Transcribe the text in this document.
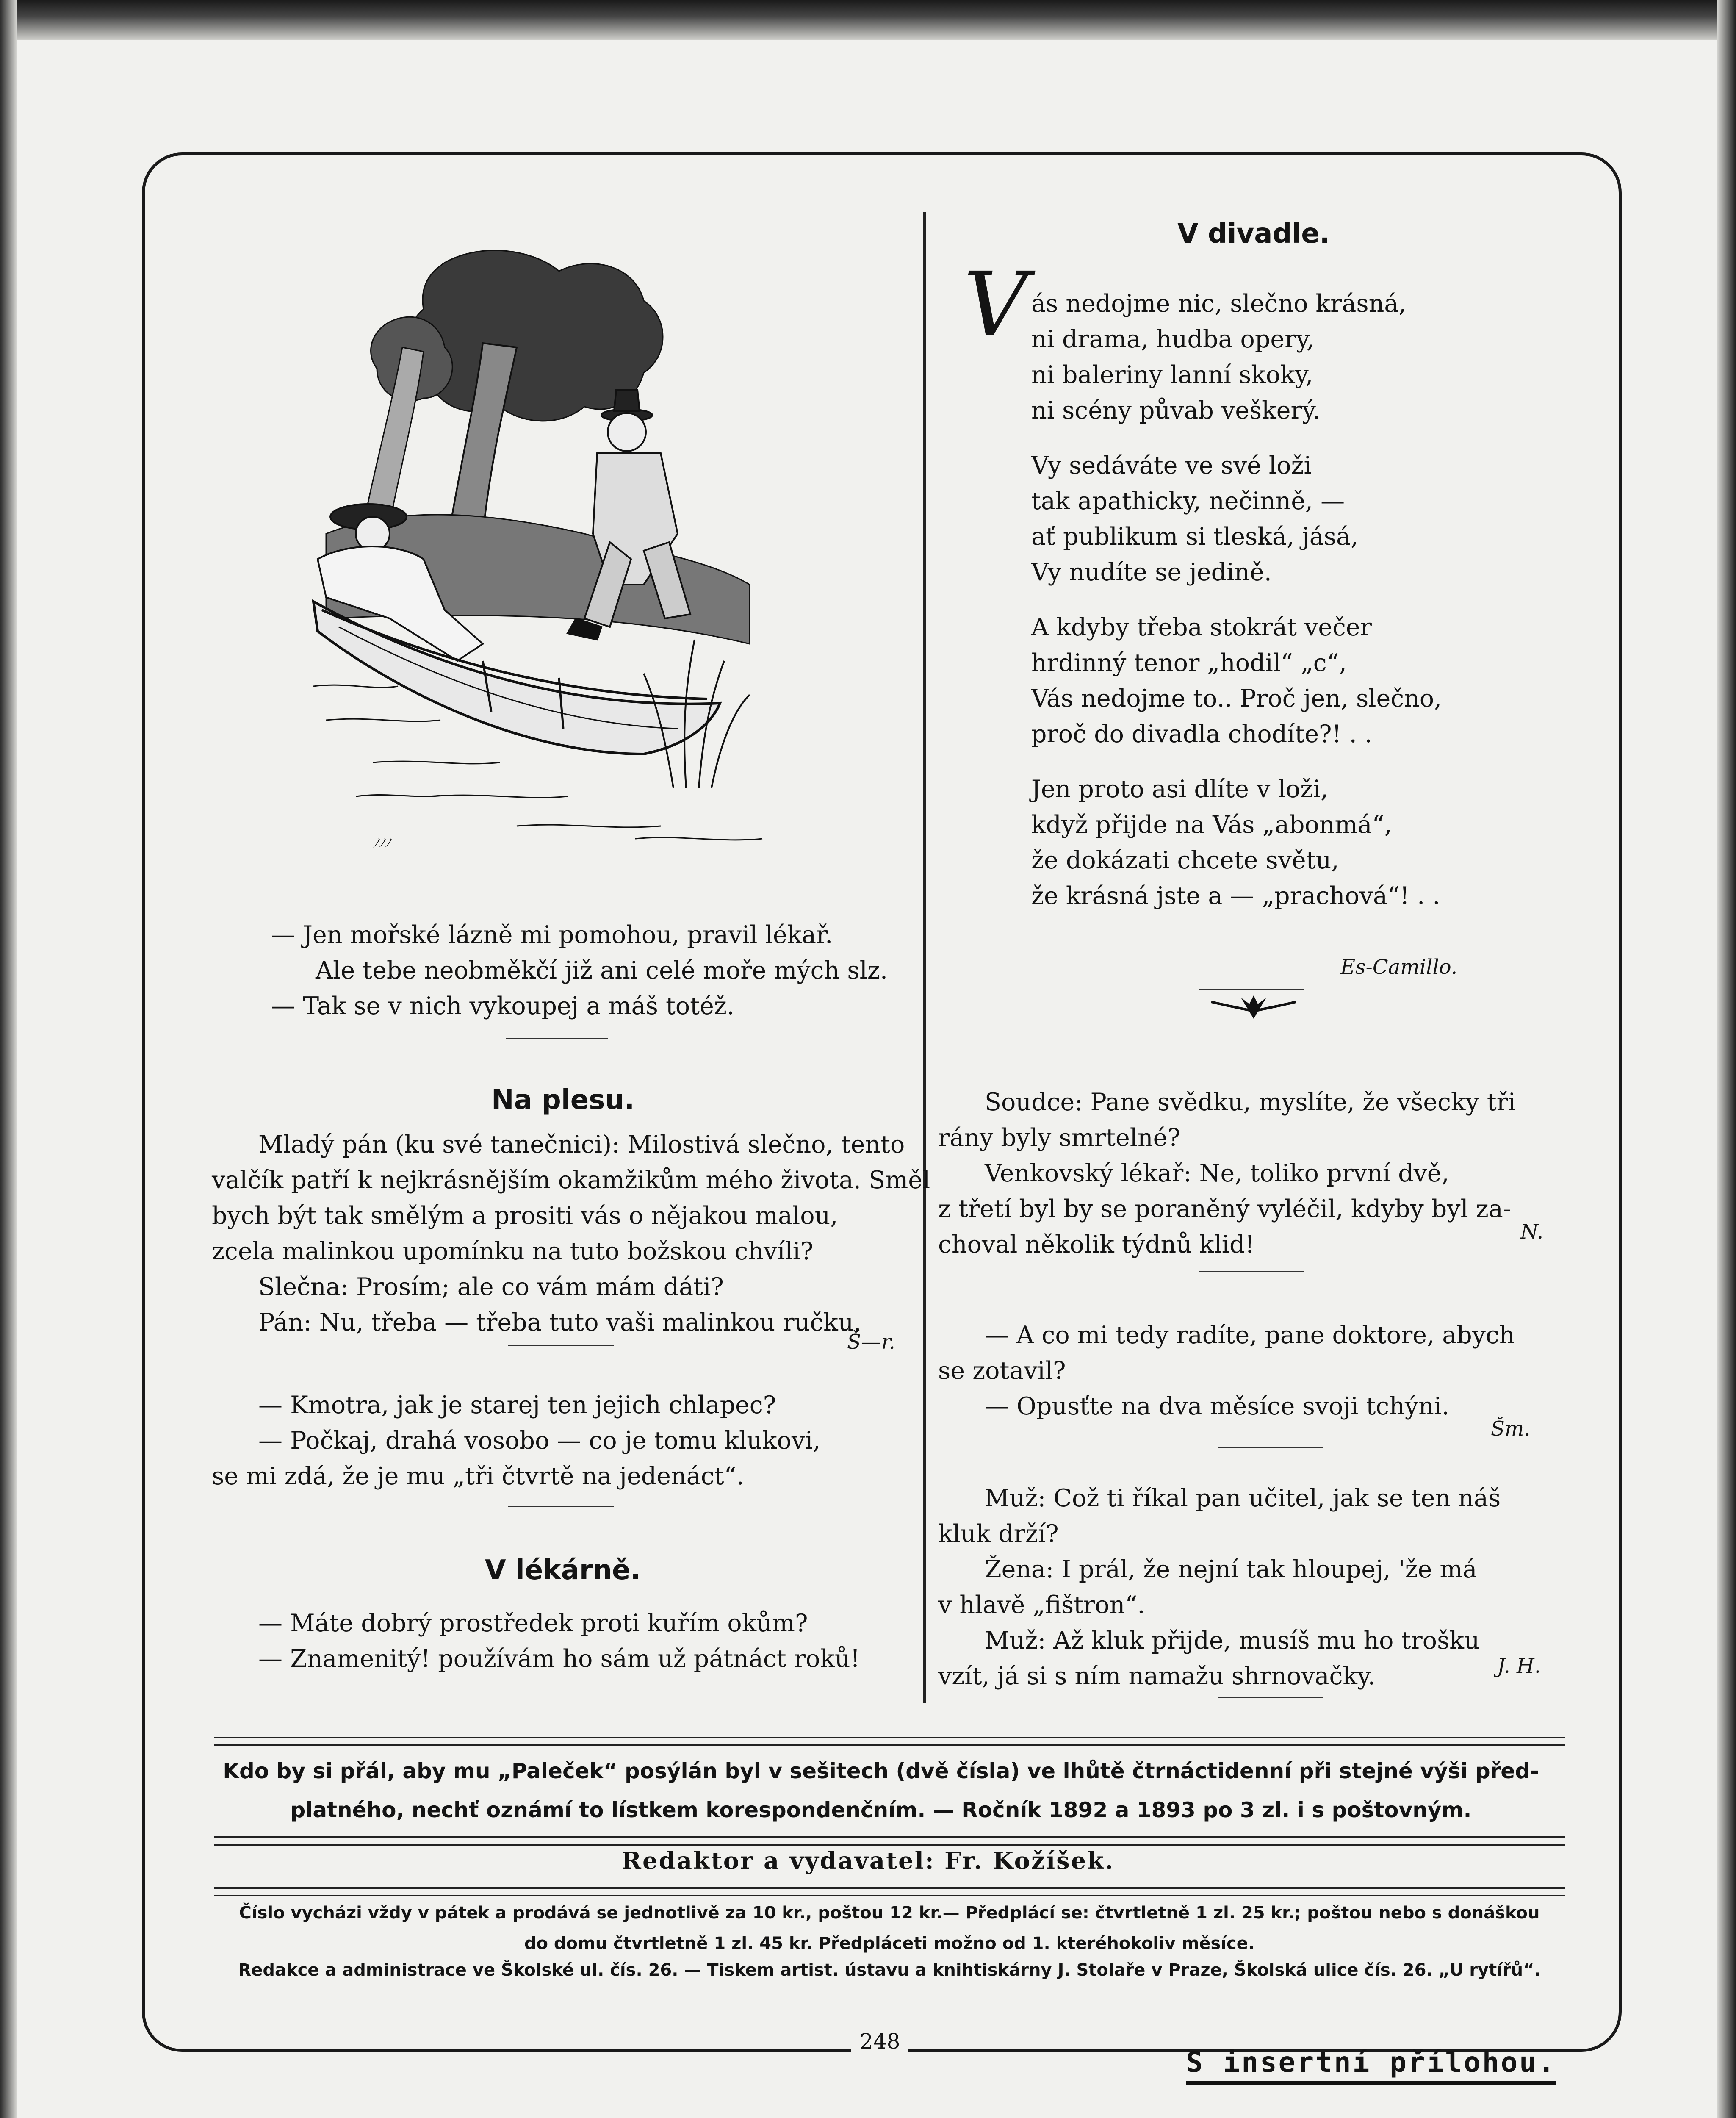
ﾉﾉﾉ

— Jen mořské lázně mi pomohou, pravil lékař.

Ale tebe neobměkčí již ani celé moře mých slz.

— Tak se v nich vykoupej a máš totéž.

Na plesu.

Mladý pán (ku své tanečnici): Milostivá slečno, tento

valčík patří k nejkrásnějším okamžikům mého života. Směl

bych být tak smělým a prositi vás o nějakou malou,

zcela malinkou upomínku na tuto božskou chvíli?

Slečna: Prosím; ale co vám mám dáti?

Pán: Nu, třeba — třeba tuto vaši malinkou ručku.

Š—r.

— Kmotra, jak je starej ten jejich chlapec?

— Počkaj, drahá vosobo — co je tomu klukovi,

se mi zdá, že je mu „tři čtvrtě na jedenáct“.

V lékárně.

— Máte dobrý prostředek proti kuřím okům?

— Znamenitý! používám ho sám už pátnáct roků!

V divadle.
V ás nedojme nic, slečno krásná,

ni drama, hudba opery,

ni baleriny lanní skoky,

ni scény půvab veškerý.

Vy sedáváte ve své loži

tak apathicky, nečinně, —

ať publikum si tleská, jásá,

Vy nudíte se jedině.

A kdyby třeba stokrát večer

hrdinný tenor „hodil“ „c“,

Vás nedojme to.. Proč jen, slečno,

proč do divadla chodíte?! . .

Jen proto asi dlíte v loži,

když přijde na Vás „abonmá“,

že dokázati chcete světu,

že krásná jste a — „prachová“! . .

Es-Camillo.

Soudce: Pane svědku, myslíte, že všecky tři

rány byly smrtelné?

Venkovský lékař: Ne, toliko první dvě,

z třetí byl by se poraněný vyléčil, kdyby byl za-

choval několik týdnů klid!	N.

— A co mi tedy radíte, pane doktore, abych

se zotavil?

— Opusťte na dva měsíce svoji tchýni.

Šm.

Muž: Což ti říkal pan učitel, jak se ten náš

kluk drží?

Žena: I prál, že nejní tak hloupej, 'že má

v hlavě „fištron“.

Muž: Až kluk přijde, musíš mu ho trošku

vzít, já si s ním namažu shrnovačky.	J. H.
Kdo by si přál, aby mu „Paleček“ posýlán byl v sešitech (dvě čísla) ve lhůtě čtrnáctidenní při stejné výši před-
platného, nechť oznámí to lístkem korespondenčním. — Ročník 1892 a 1893 po 3 zl. i s poštovným.
Redaktor a vydavatel: Fr. Kožíšek.
Číslo vycházi vždy v pátek a prodává se jednotlivě za 10 kr., poštou 12 kr.— Předplácí se: čtvrtletně 1 zl. 25 kr.; poštou nebo s donáškou
do domu čtvrtletně 1 zl. 45 kr. Předpláceti možno od 1. kteréhokoliv měsíce.
Redakce a administrace ve Školské ul. čís. 26. — Tiskem artist. ústavu a knihtiskárny J. Stolaře v Praze, Školská ulice čís. 26. „U rytířů“.
248
S insertní přílohou.
